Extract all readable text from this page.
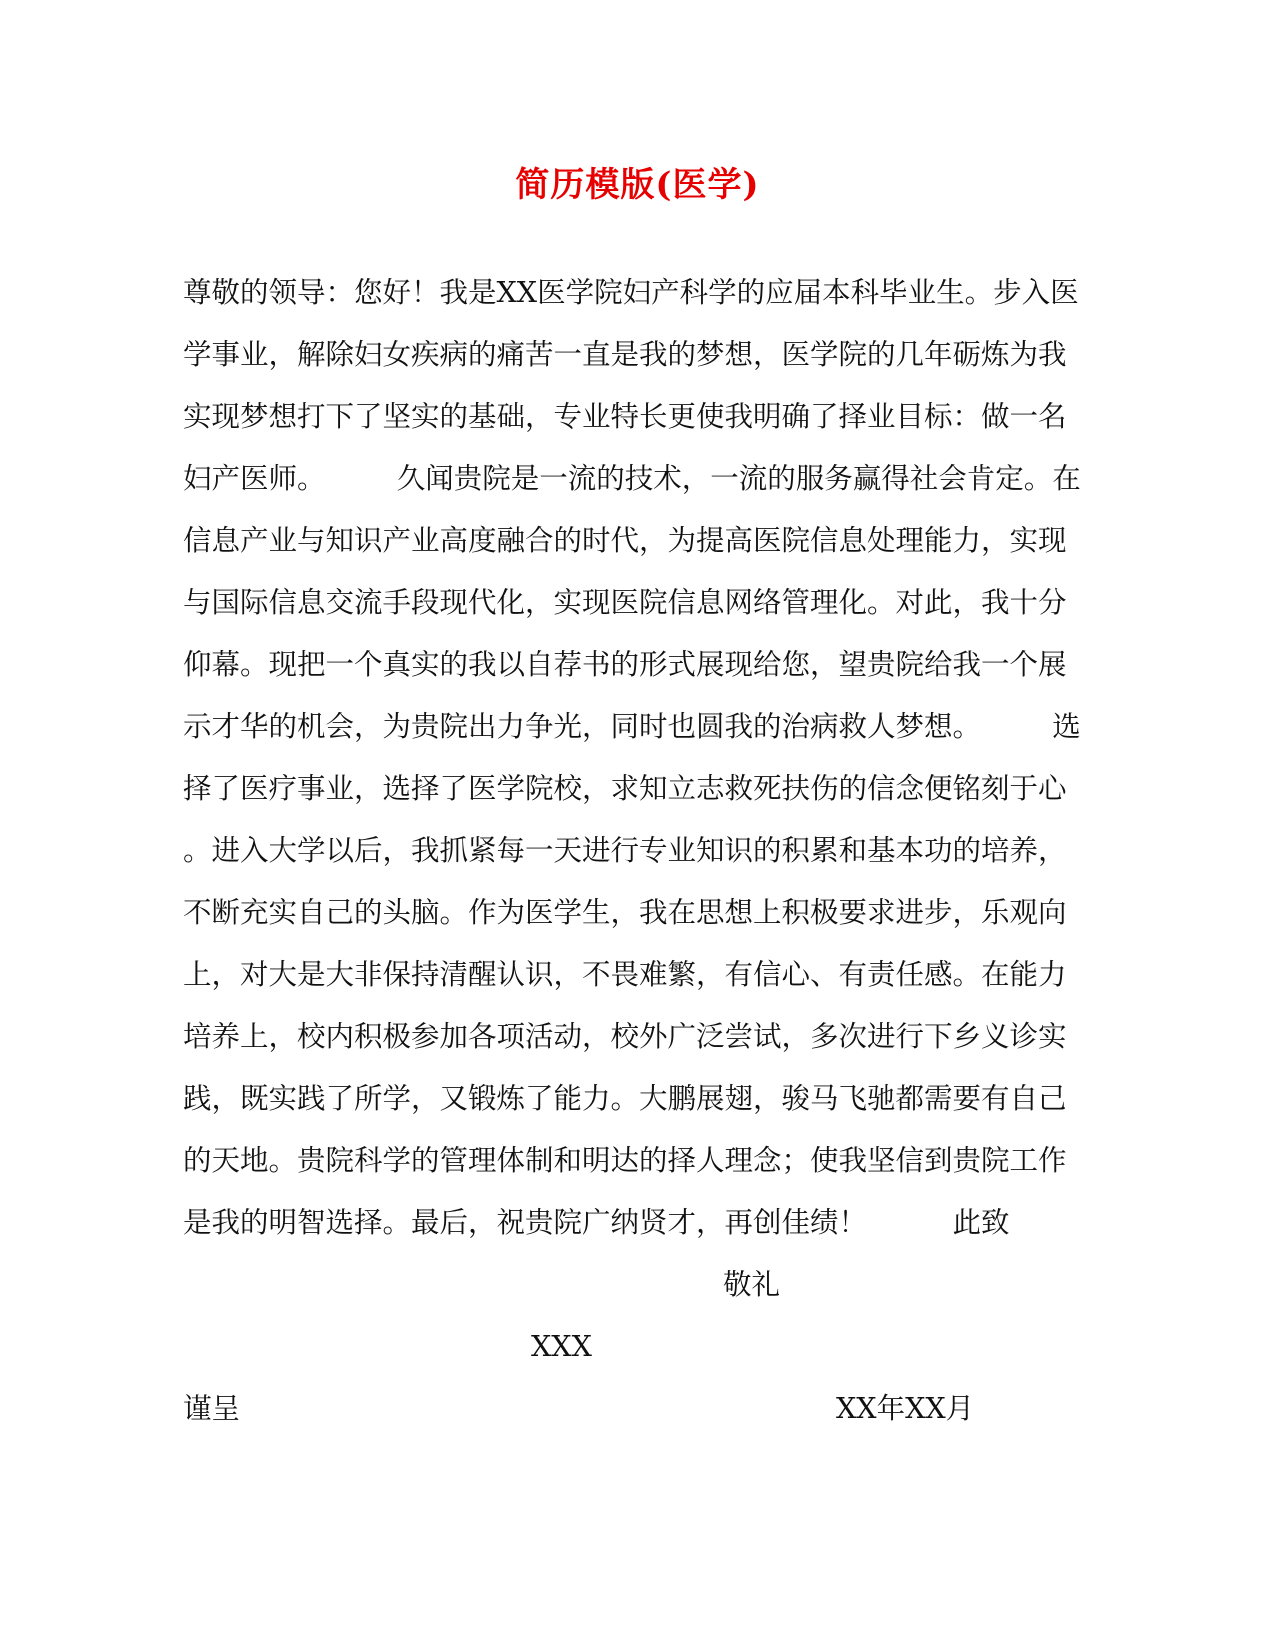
简历模版(医学)
尊敬的领导：您好！我是XX医学院妇产科学的应届本科毕业生。步入医
学事业，解除妇女疾病的痛苦一直是我的梦想，医学院的几年砺炼为我
实现梦想打下了坚实的基础，专业特长更使我明确了择业目标：做一名
妇产医师。　　　久闻贵院是一流的技术，一流的服务赢得社会肯定。在
信息产业与知识产业高度融合的时代，为提高医院信息处理能力，实现
与国际信息交流手段现代化，实现医院信息网络管理化。对此，我十分
仰幕。现把一个真实的我以自荐书的形式展现给您，望贵院给我一个展
示才华的机会，为贵院出力争光，同时也圆我的治病救人梦想。　　　选
择了医疗事业，选择了医学院校，求知立志救死扶伤的信念便铭刻于心
。进入大学以后，我抓紧每一天进行专业知识的积累和基本功的培养，
不断充实自己的头脑。作为医学生，我在思想上积极要求进步，乐观向
上，对大是大非保持清醒认识，不畏难繁，有信心、有责任感。在能力
培养上，校内积极参加各项活动，校外广泛尝试，多次进行下乡义诊实
践，既实践了所学，又锻炼了能力。大鹏展翅，骏马飞驰都需要有自己
的天地。贵院科学的管理体制和明达的择人理念；使我坚信到贵院工作
是我的明智选择。最后，祝贵院广纳贤才，再创佳绩！　　　此致
敬礼
XXX
谨呈	XX年XX月
